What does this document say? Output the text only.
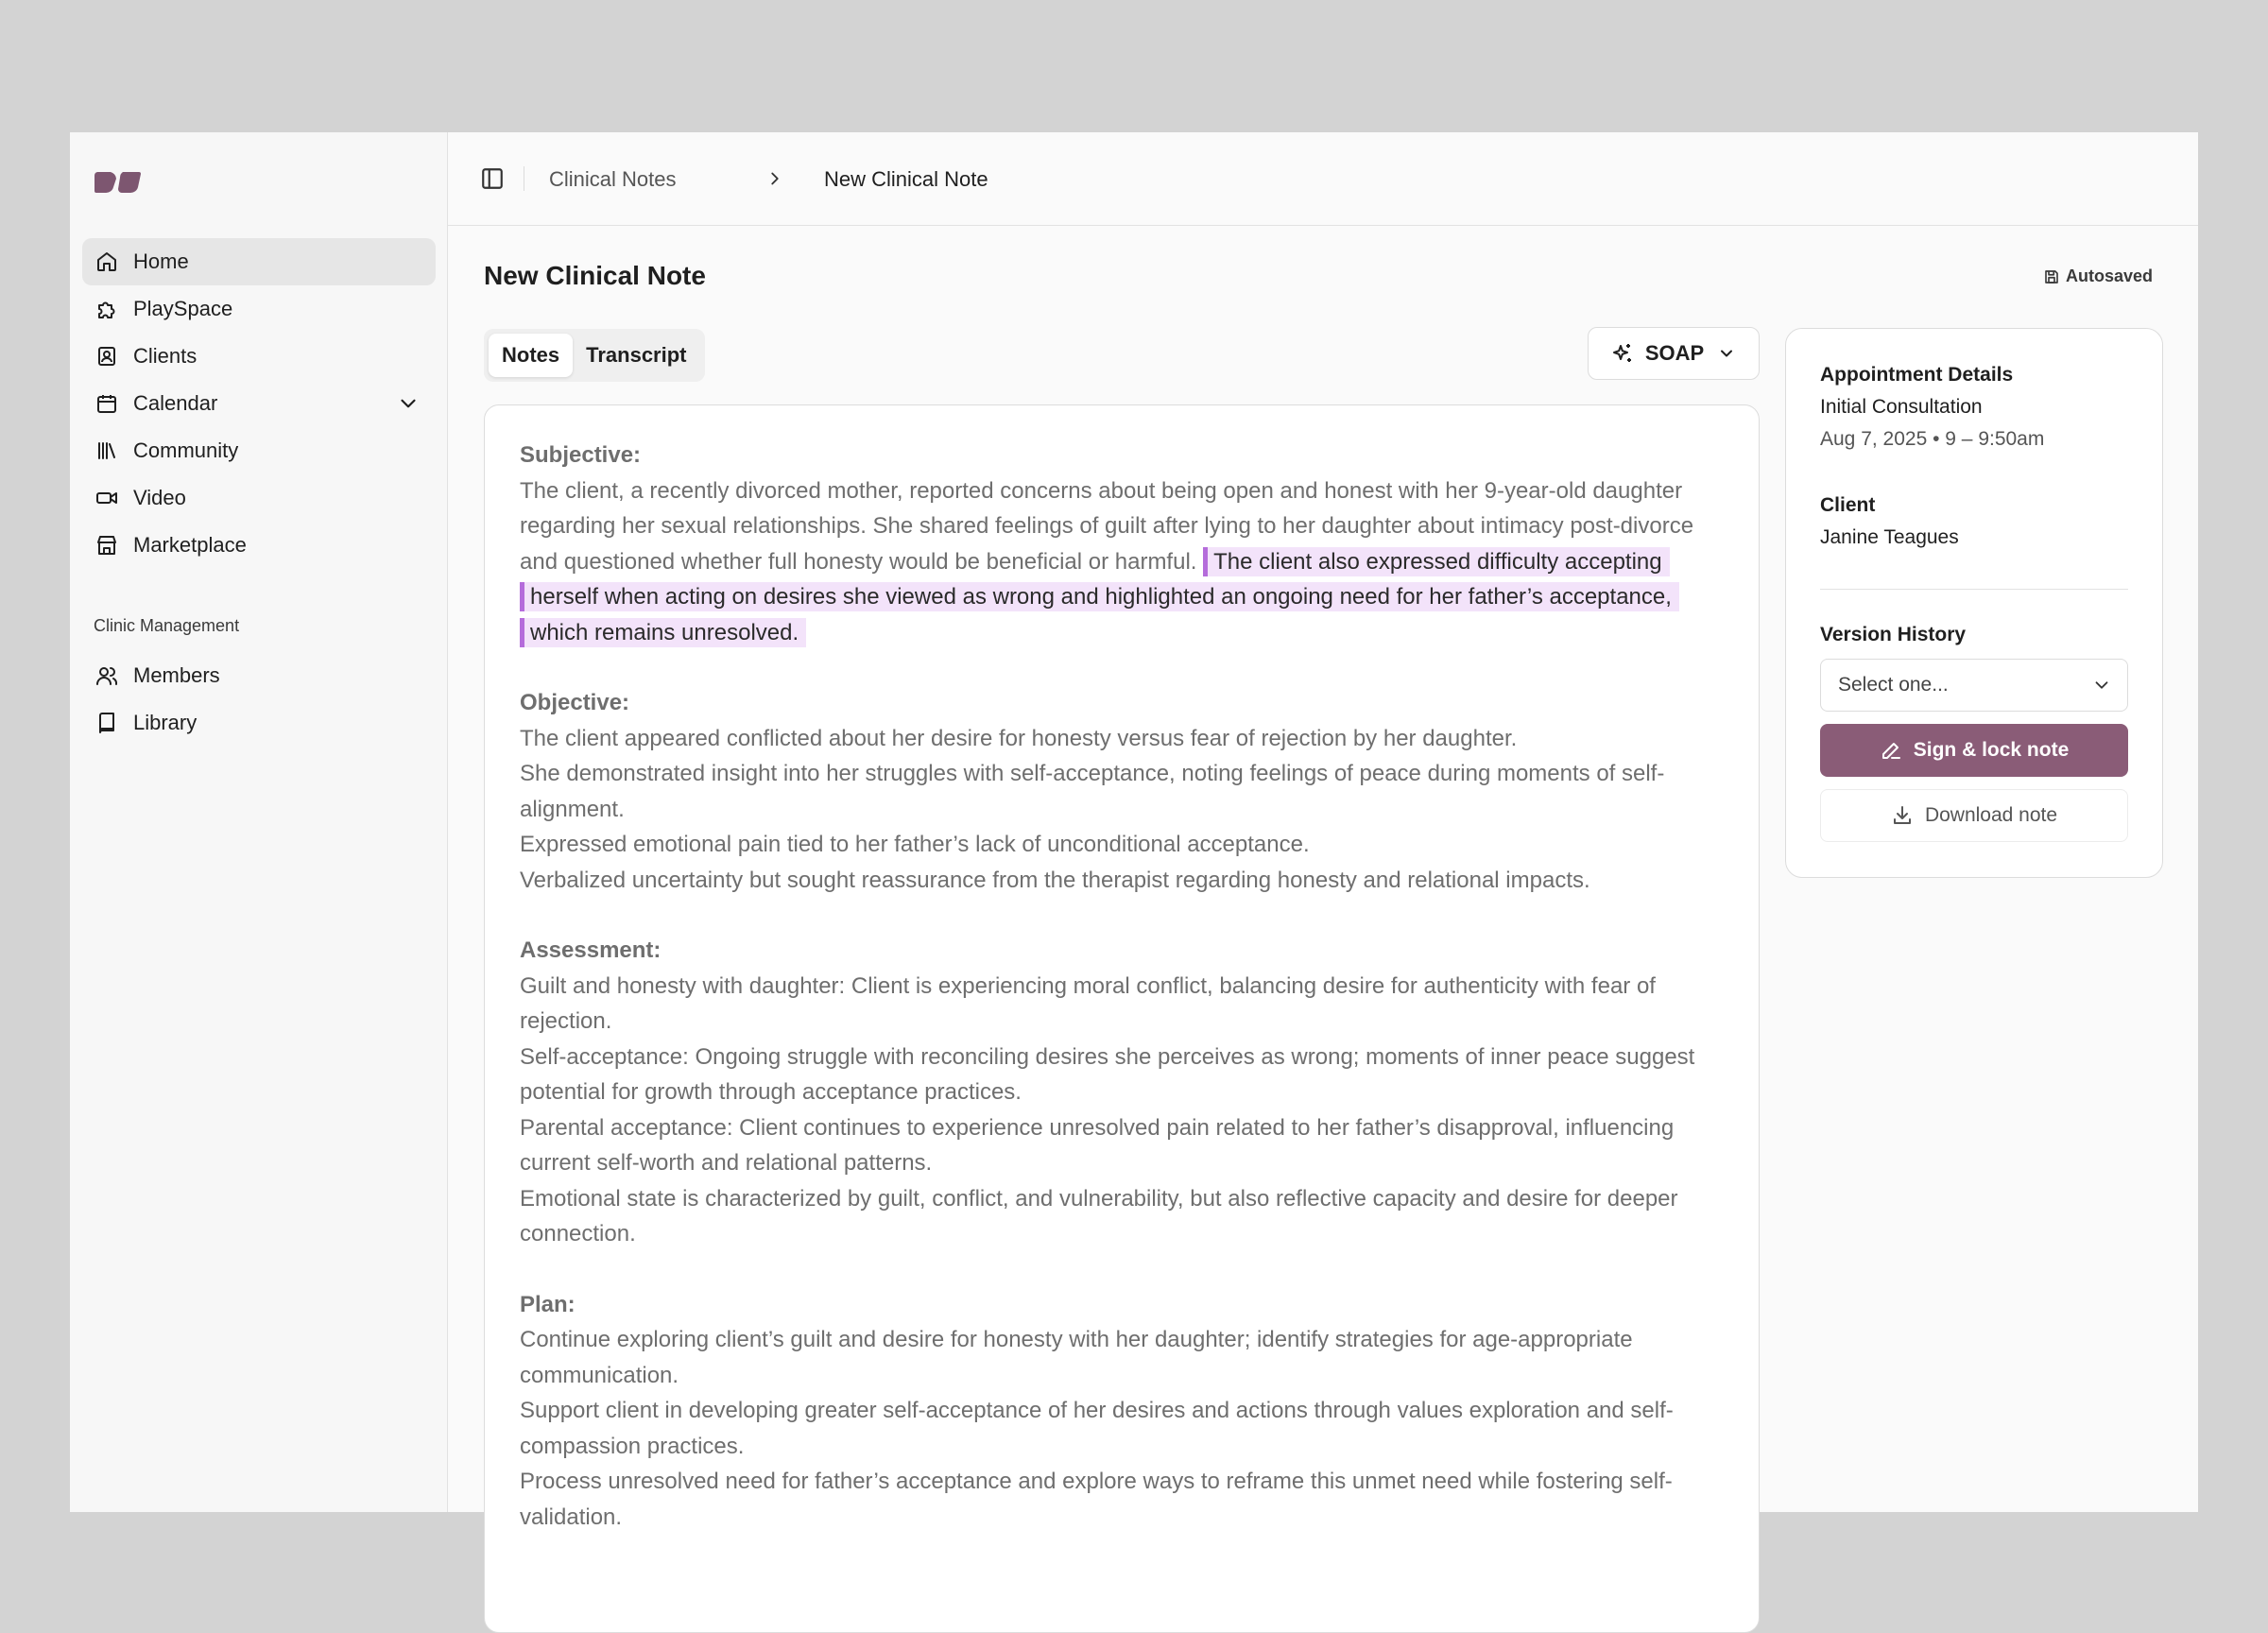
Home
PlaySpace
Clients
Calendar
Community
Video
Marketplace
Clinic Management
Members
Library
Clinical Notes	New Clinical Note
New Clinical Note	Autosaved
Notes	Transcript	SOAP
Subjective:
The client, a recently divorced mother, reported concerns about being open and honest with her 9-year-old daughter regarding her sexual relationships. She shared feelings of guilt after lying to her daughter about intimacy post-divorce and questioned whether full honesty would be beneficial or harmful. The client also expressed difficulty accepting herself when acting on desires she viewed as wrong and highlighted an ongoing need for her father’s acceptance, which remains unresolved.
Objective:
The client appeared conflicted about her desire for honesty versus fear of rejection by her daughter.
She demonstrated insight into her struggles with self-acceptance, noting feelings of peace during moments of self-alignment.
Expressed emotional pain tied to her father’s lack of unconditional acceptance.
Verbalized uncertainty but sought reassurance from the therapist regarding honesty and relational impacts.
Assessment:
Guilt and honesty with daughter: Client is experiencing moral conflict, balancing desire for authenticity with fear of rejection.
Self-acceptance: Ongoing struggle with reconciling desires she perceives as wrong; moments of inner peace suggest potential for growth through acceptance practices.
Parental acceptance: Client continues to experience unresolved pain related to her father’s disapproval, influencing current self-worth and relational patterns.
Emotional state is characterized by guilt, conflict, and vulnerability, but also reflective capacity and desire for deeper connection.
Plan:
Continue exploring client’s guilt and desire for honesty with her daughter; identify strategies for age-appropriate communication.
Support client in developing greater self-acceptance of her desires and actions through values exploration and self-compassion practices.
Process unresolved need for father’s acceptance and explore ways to reframe this unmet need while fostering self-validation.
Appointment Details
Initial Consultation
Aug 7, 2025 • 9 – 9:50am
Client
Janine Teagues
Version History
Select one...
Sign & lock note
Download note
